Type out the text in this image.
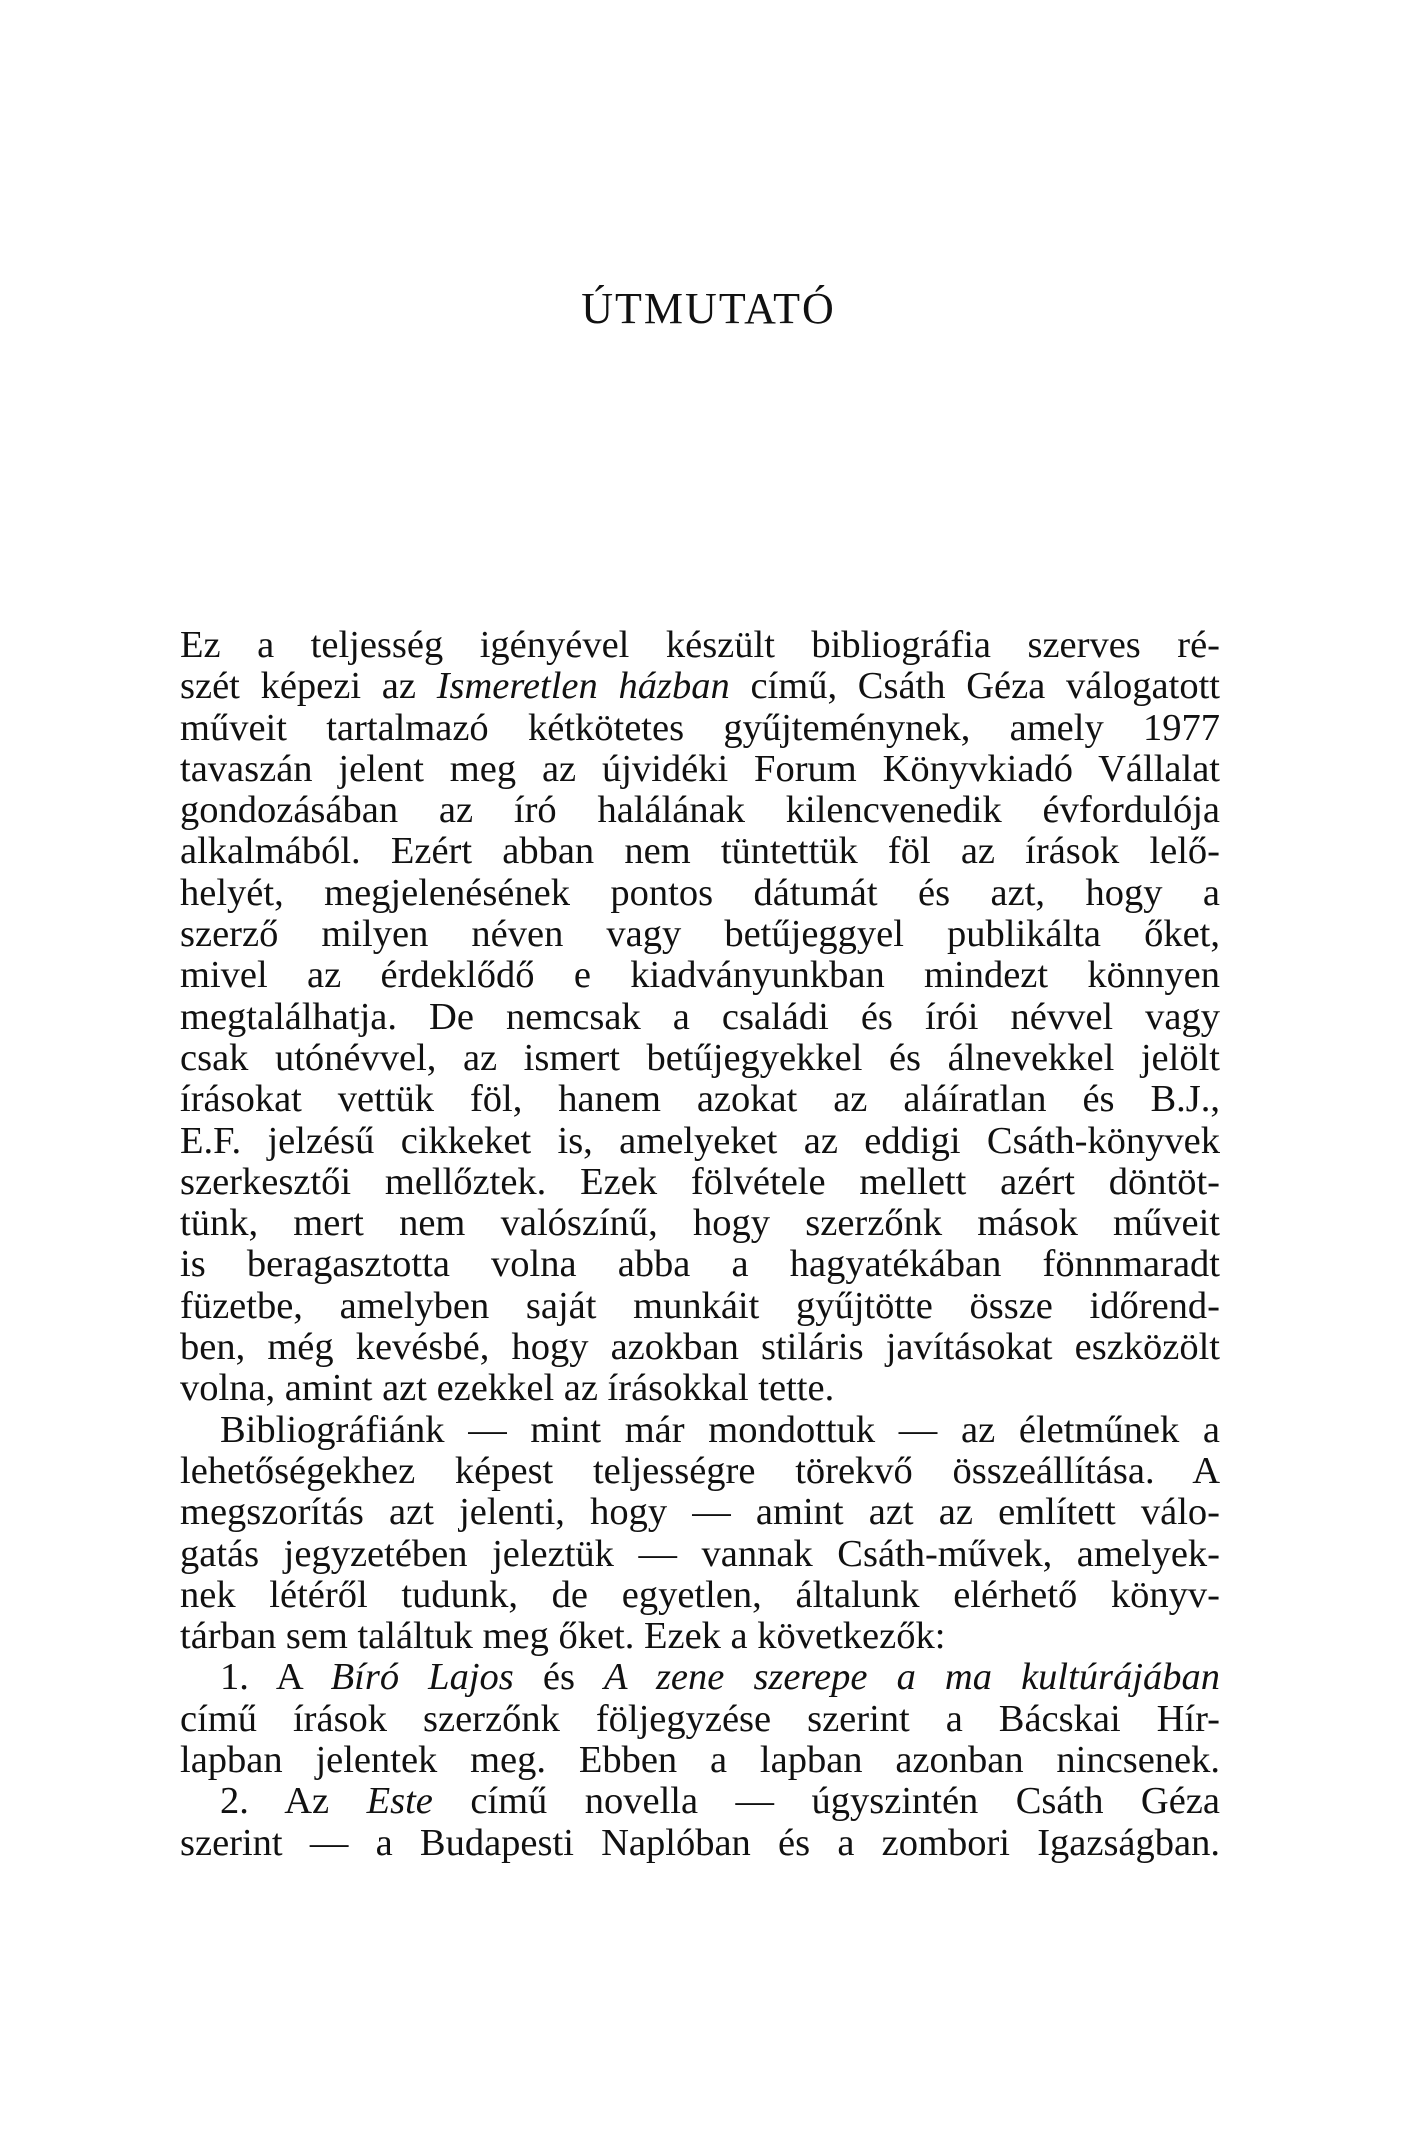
ÚTMUTATÓ
Ez a teljesség igényével készült bibliográfia szerves ré-
szét képezi az Ismeretlen házban című, Csáth Géza válogatott
műveit tartalmazó kétkötetes gyűjteménynek, amely 1977
tavaszán jelent meg az újvidéki Forum Könyvkiadó Vállalat
gondozásában az író halálának kilencvenedik évfordulója
alkalmából. Ezért abban nem tüntettük föl az írások lelő-
helyét, megjelenésének pontos dátumát és azt, hogy a
szerző milyen néven vagy betűjeggyel publikálta őket,
mivel az érdeklődő e kiadványunkban mindezt könnyen
megtalálhatja. De nemcsak a családi és írói névvel vagy
csak utónévvel, az ismert betűjegyekkel és álnevekkel jelölt
írásokat vettük föl, hanem azokat az aláíratlan és B.J.,
E.F. jelzésű cikkeket is, amelyeket az eddigi Csáth-könyvek
szerkesztői mellőztek. Ezek fölvétele mellett azért döntöt-
tünk, mert nem valószínű, hogy szerzőnk mások műveit
is beragasztotta volna abba a hagyatékában fönnmaradt
füzetbe, amelyben saját munkáit gyűjtötte össze időrend-
ben, még kevésbé, hogy azokban stiláris javításokat eszközölt
volna, amint azt ezekkel az írásokkal tette.
Bibliográfiánk — mint már mondottuk — az életműnek a
lehetőségekhez képest teljességre törekvő összeállítása. A
megszorítás azt jelenti, hogy — amint azt az említett válo-
gatás jegyzetében jeleztük — vannak Csáth-művek, amelyek-
nek létéről tudunk, de egyetlen, általunk elérhető könyv-
tárban sem találtuk meg őket. Ezek a következők:
1. A Bíró Lajos és A zene szerepe a ma kultúrájában
című írások szerzőnk följegyzése szerint a Bácskai Hír-
lapban jelentek meg. Ebben a lapban azonban nincsenek.
2. Az Este című novella — úgyszintén Csáth Géza
szerint — a Budapesti Naplóban és a zombori Igazságban.
